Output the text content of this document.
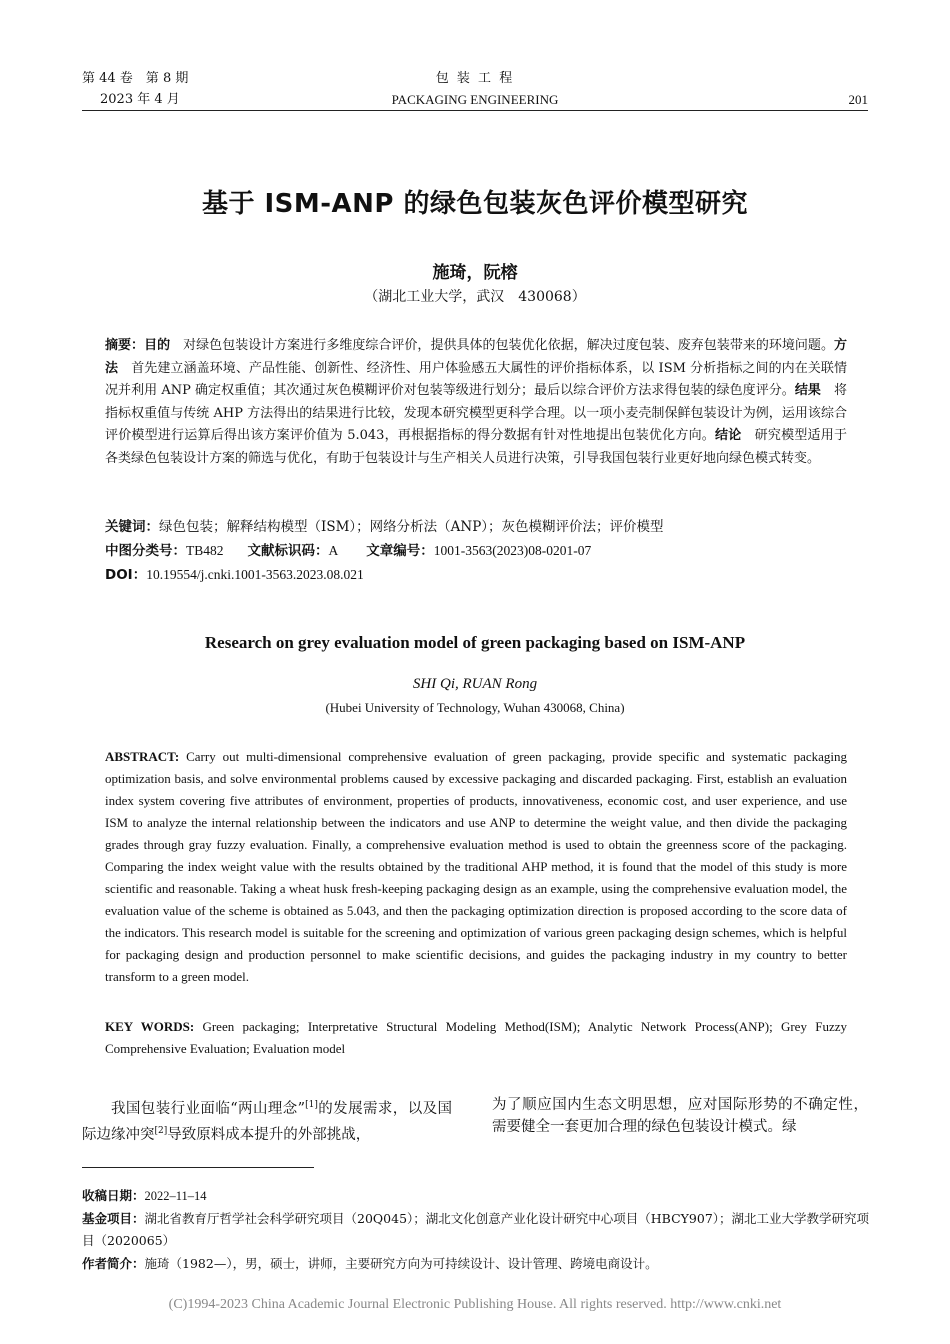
第 44 卷　第 8 期
2023 年 4 月
包 装 工 程
PACKAGING ENGINEERING	201
基于 ISM-ANP 的绿色包装灰色评价模型研究
施琦，阮榕
（湖北工业大学，武汉　430068）
摘要：目的　 对绿色包装设计方案进行多维度综合评价，提供具体的包装优化依据，解决过度包装、废弃包装带来的环境问题。方法　 首先建立涵盖环境、产品性能、创新性、经济性、用户体验感五大属性的评价指标体系，以 ISM 分析指标之间的内在关联情况并利用 ANP 确定权重值；其次通过灰色模糊评价对包装等级进行划分；最后以综合评价方法求得包装的绿色度评分。结果　 将指标权重值与传统 AHP 方法得出的结果进行比较，发现本研究模型更科学合理。以一项小麦壳制保鲜包装设计为例，运用该综合评价模型进行运算后得出该方案评价值为 5.043，再根据指标的得分数据有针对性地提出包装优化方向。结论　 研究模型适用于各类绿色包装设计方案的筛选与优化，有助于包装设计与生产相关人员进行决策，引导我国包装行业更好地向绿色模式转变。
关键词：绿色包装；解释结构模型（ISM）；网络分析法（ANP）；灰色模糊评价法；评价模型
中图分类号：TB482 文献标识码：A 文章编号：1001-3563(2023)08-0201-07
DOI：10.19554/j.cnki.1001-3563.2023.08.021
Research on grey evaluation model of green packaging based on ISM-ANP
SHI Qi, RUAN Rong
(Hubei University of Technology, Wuhan 430068, China)
ABSTRACT: Carry out multi-dimensional comprehensive evaluation of green packaging, provide specific and systematic packaging optimization basis, and solve environmental problems caused by excessive packaging and discarded packaging. First, establish an evaluation index system covering five attributes of environment, properties of products, innovativeness, economic cost, and user experience, and use ISM to analyze the internal relationship between the indicators and use ANP to determine the weight value, and then divide the packaging grades through gray fuzzy evaluation. Finally, a comprehensive evaluation method is used to obtain the greenness score of the packaging. Comparing the index weight value with the results obtained by the traditional AHP method, it is found that the model of this study is more scientific and reasonable. Taking a wheat husk fresh-keeping packaging design as an example, using the comprehensive evaluation model, the evaluation value of the scheme is obtained as 5.043, and then the packaging optimization direction is proposed according to the score data of the indicators. This research model is suitable for the screening and optimization of various green packaging design schemes, which is helpful for packaging design and production personnel to make scientific decisions, and guides the packaging industry in my country to better transform to a green model.
KEY WORDS: Green packaging; Interpretative Structural Modeling Method(ISM); Analytic Network Process(ANP); Grey Fuzzy Comprehensive Evaluation; Evaluation model
我国包装行业面临“两山理念”[1]的发展需求，以及国际边缘冲突[2]导致原料成本提升的外部挑战，
为了顺应国内生态文明思想，应对国际形势的不确定性，需要健全一套更加合理的绿色包装设计模式。绿
收稿日期：2022–11–14
基金项目：湖北省教育厅哲学社会科学研究项目（20Q045）；湖北文化创意产业化设计研究中心项目（HBCY907）；湖北工业大学教学研究项目（2020065）
作者简介：施琦（1982—），男，硕士，讲师，主要研究方向为可持续设计、设计管理、跨境电商设计。
(C)1994-2023 China Academic Journal Electronic Publishing House. All rights reserved. http://www.cnki.net
